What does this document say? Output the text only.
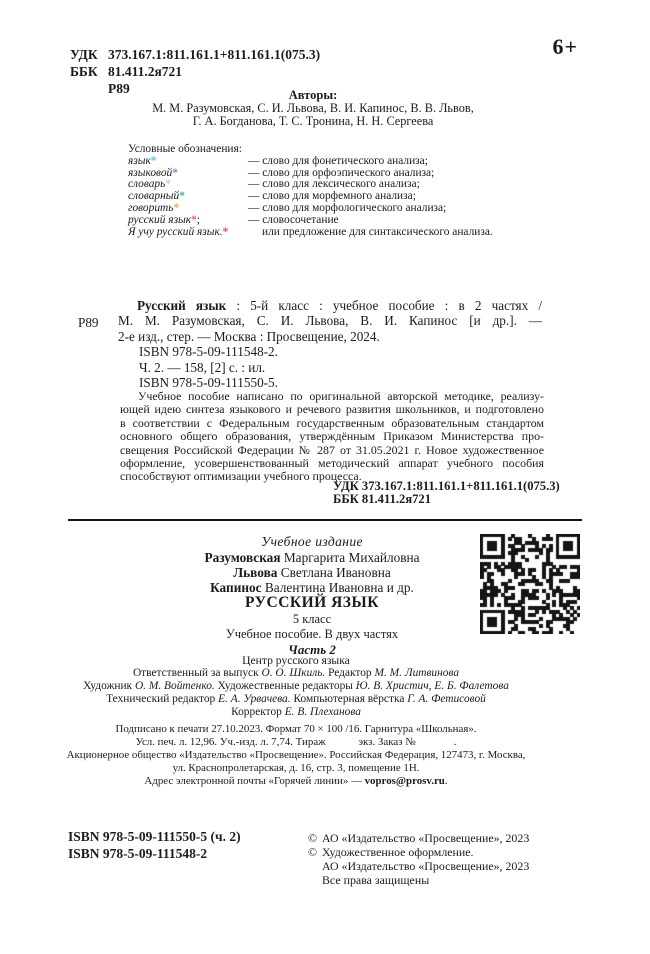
УДК 373.167.1:811.161.1+811.161.1(075.3)
ББК 81.411.2я721
Р89
6+
Авторы:
М. М. Разумовская, С. И. Львова, В. И. Капинос, В. В. Львов,
Г. А. Богданова, Т. С. Тронина, Н. Н. Сергеева
Условные обозначения:
язык*	— слово для фонетического анализа;
языковой*	— слово для орфоэпического анализа;
словарь*	— слово для лексического анализа;
словарный*	— слово для морфемного анализа;
говорить*	— слово для морфологического анализа;
русский язык*;	— словосочетание
Я учу русский язык.*	или предложение для синтаксического анализа.
Р89
Русский язык : 5-й класс : учебное пособие : в 2 частях /
М. М. Разумовская, С. И. Львова, В. И. Капинос [и др.]. —
2-е изд., стер. — Москва : Просвещение, 2024.
ISBN 978-5-09-111548-2.
Ч. 2. — 158, [2] с. : ил.
ISBN 978-5-09-111550-5.
Учебное пособие написано по оригинальной авторской методике, реализу-
ющей идею синтеза языкового и речевого развития школьников, и подготовлено
в соответствии с Федеральным государственным образовательным стандартом
основного общего образования, утверждённым Приказом Министерства про-
свещения Российской Федерации № 287 от 31.05.2021 г. Новое художественное
оформление, усовершенствованный методический аппарат учебного пособия
способствуют оптимизации учебного процесса.
УДК 373.167.1:811.161.1+811.161.1(075.3)
ББК 81.411.2я721
Учебное издание
Разумовская Маргарита Михайловна
Львова Светлана Ивановна
Капинос Валентина Ивановна и др.
РУССКИЙ ЯЗЫК
5 класс
Учебное пособие. В двух частях
Часть 2
Центр русского языка
Ответственный за выпуск О. О. Шкиль. Редактор М. М. Литвинова
Художник О. М. Войтенко. Художественные редакторы Ю. В. Христич, Е. Б. Фалетова
Технический редактор Е. А. Урвачева. Компьютерная вёрстка Г. А. Фетисовой
Корректор Е. В. Плеханова
Подписано к печати 27.10.2023. Формат 70 × 100 /16. Гарнитура «Школьная».
Усл. печ. л. 12,96. Уч.-изд. л. 7,74. Тираж            экз. Заказ №              .
Акционерное общество «Издательство «Просвещение». Российская Федерация, 127473, г. Москва,
ул. Краснопролетарская, д. 16, стр. 3, помещение 1Н.
Адрес электронной почты «Горячей линии» — vopros@prosv.ru.
ISBN 978-5-09-111550-5 (ч. 2)
ISBN 978-5-09-111548-2
© АО «Издательство «Просвещение», 2023
© Художественное оформление.
АО «Издательство «Просвещение», 2023
Все права защищены
